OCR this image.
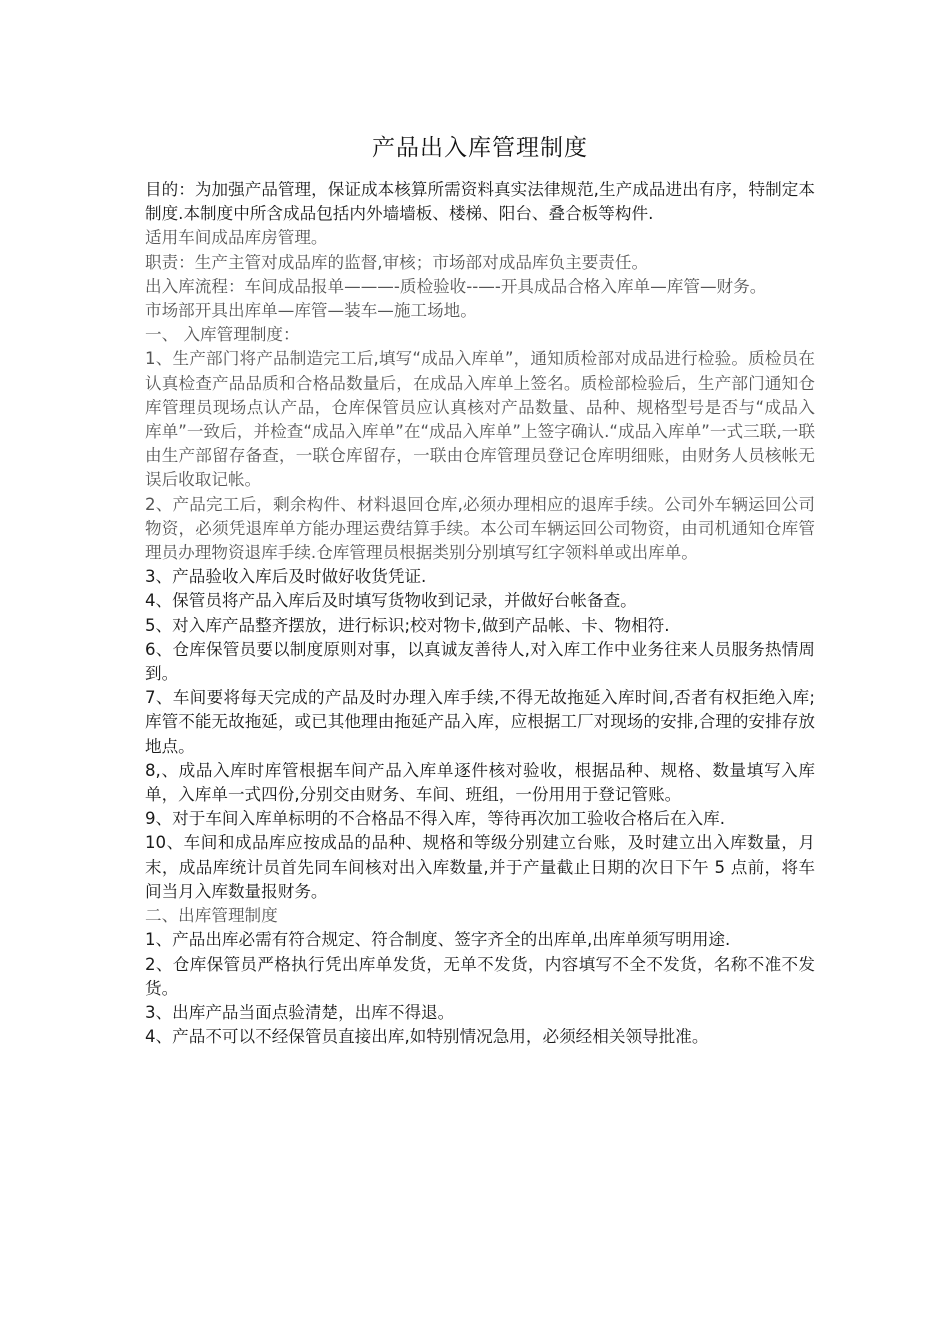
产品出入库管理制度

目的：为加强产品管理，保证成本核算所需资料真实法律规范,生产成品进出有序，特制定本制度.本制度中所含成品包括内外墙墙板、楼梯、阳台、叠合板等构件.

适用车间成品库房管理。

职责：生产主管对成品库的监督,审核；市场部对成品库负主要责任。

出入库流程：车间成品报单———-质检验收--—-开具成品合格入库单—库管—财务。

市场部开具出库单—库管—装车—施工场地。

一、 入库管理制度：

1、生产部门将产品制造完工后,填写“成品入库单”，通知质检部对成品进行检验。质检员在认真检查产品品质和合格品数量后，在成品入库单上签名。质检部检验后，生产部门通知仓库管理员现场点认产品，仓库保管员应认真核对产品数量、品种、规格型号是否与“成品入库单”一致后，并检查“成品入库单”在“成品入库单”上签字确认.“成品入库单”一式三联,一联由生产部留存备查，一联仓库留存，一联由仓库管理员登记仓库明细账，由财务人员核帐无误后收取记帐。

2、产品完工后，剩余构件、材料退回仓库,必须办理相应的退库手续。公司外车辆运回公司物资，必须凭退库单方能办理运费结算手续。本公司车辆运回公司物资，由司机通知仓库管理员办理物资退库手续.仓库管理员根据类别分别填写红字领料单或出库单。

3、产品验收入库后及时做好收货凭证.

4、保管员将产品入库后及时填写货物收到记录，并做好台帐备查。

5、对入库产品整齐摆放，进行标识;校对物卡,做到产品帐、卡、物相符.

6、仓库保管员要以制度原则对事，以真诚友善待人,对入库工作中业务往来人员服务热情周到。

7、车间要将每天完成的产品及时办理入库手续,不得无故拖延入库时间,否者有权拒绝入库;库管不能无故拖延，或已其他理由拖延产品入库，应根据工厂对现场的安排,合理的安排存放地点。

8,、成品入库时库管根据车间产品入库单逐件核对验收，根据品种、规格、数量填写入库单，入库单一式四份,分别交由财务、车间、班组，一份用用于登记管账。

9、对于车间入库单标明的不合格品不得入库，等待再次加工验收合格后在入库.

10、车间和成品库应按成品的品种、规格和等级分别建立台账，及时建立出入库数量，月末，成品库统计员首先同车间核对出入库数量,并于产量截止日期的次日下午 5 点前，将车间当月入库数量报财务。

二、出库管理制度

1、产品出库必需有符合规定、符合制度、签字齐全的出库单,出库单须写明用途.

2、仓库保管员严格执行凭出库单发货，无单不发货，内容填写不全不发货，名称不准不发货。

3、出库产品当面点验清楚，出库不得退。

4、产品不可以不经保管员直接出库,如特别情况急用，必须经相关领导批准。
